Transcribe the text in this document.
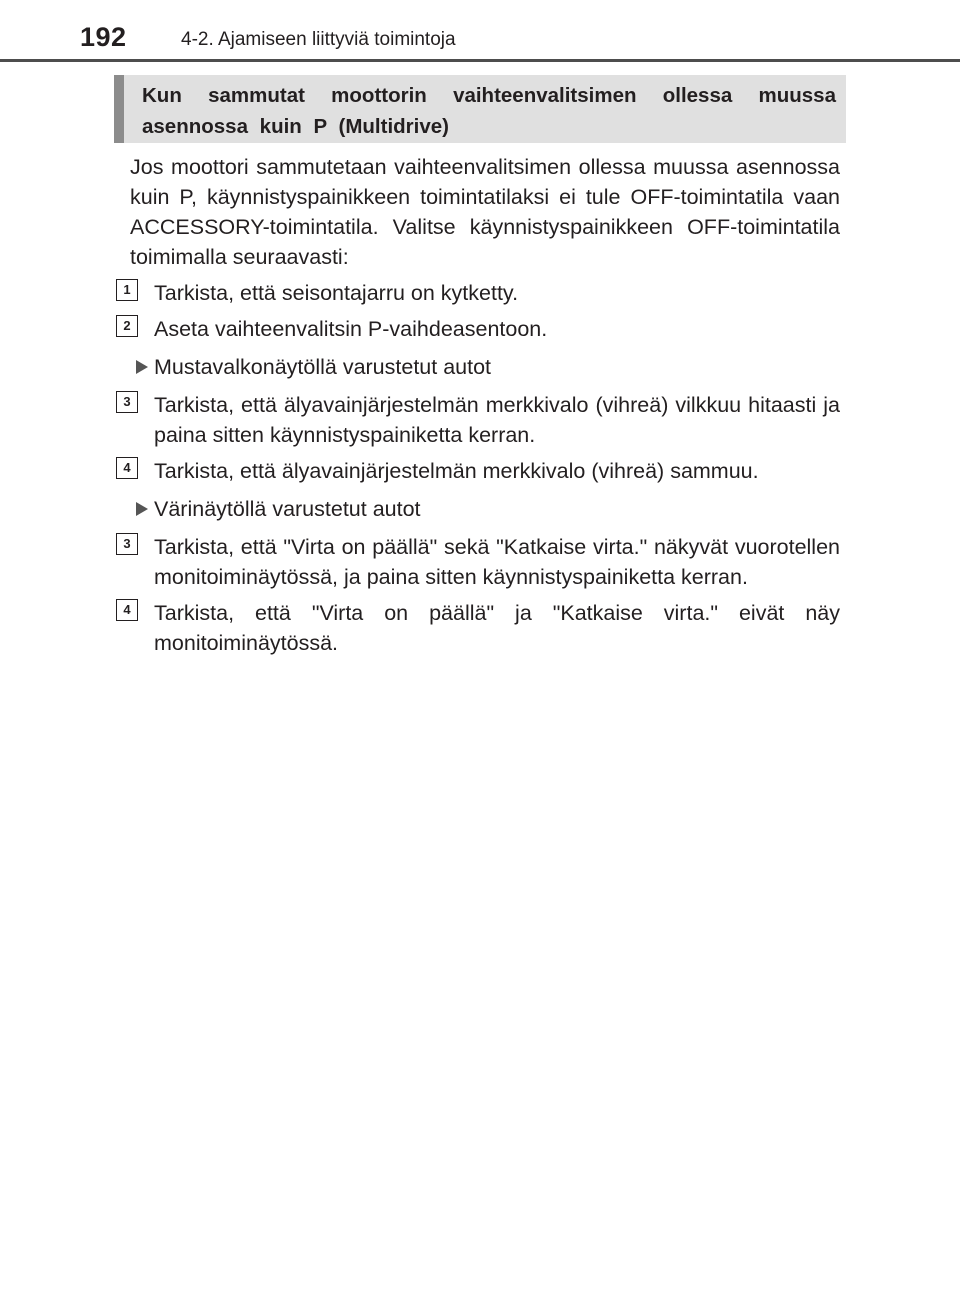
192	4-2. Ajamiseen liittyviä toimintoja
Kun sammutat moottorin vaihteenvalitsimen ollessa muussa asennossa kuin P (Multidrive)

Jos moottori sammutetaan vaihteenvalitsimen ollessa muussa asennossa kuin P, käynnistyspainikkeen toimintatilaksi ei tule OFF-toimintatila vaan ACCESSORY-toimintatila. Valitse käynnistyspainikkeen OFF-toimintatila toimimalla seuraavasti:

1	Tarkista, että seisontajarru on kytketty.
2	Aseta vaihteenvalitsin P-vaihdeasentoon.
Mustavalkonäytöllä varustetut autot
3	Tarkista, että älyavainjärjestelmän merkkivalo (vihreä) vilkkuu hitaasti ja paina sitten käynnistyspainiketta kerran.
4	Tarkista, että älyavainjärjestelmän merkkivalo (vihreä) sammuu.
Värinäytöllä varustetut autot
3	Tarkista, että "Virta on päällä" sekä "Katkaise virta." näkyvät vuorotellen monitoiminäytössä, ja paina sitten käynnistyspainiketta kerran.
4	Tarkista, että "Virta on päällä" ja "Katkaise virta." eivät näy monitoiminäytössä.
